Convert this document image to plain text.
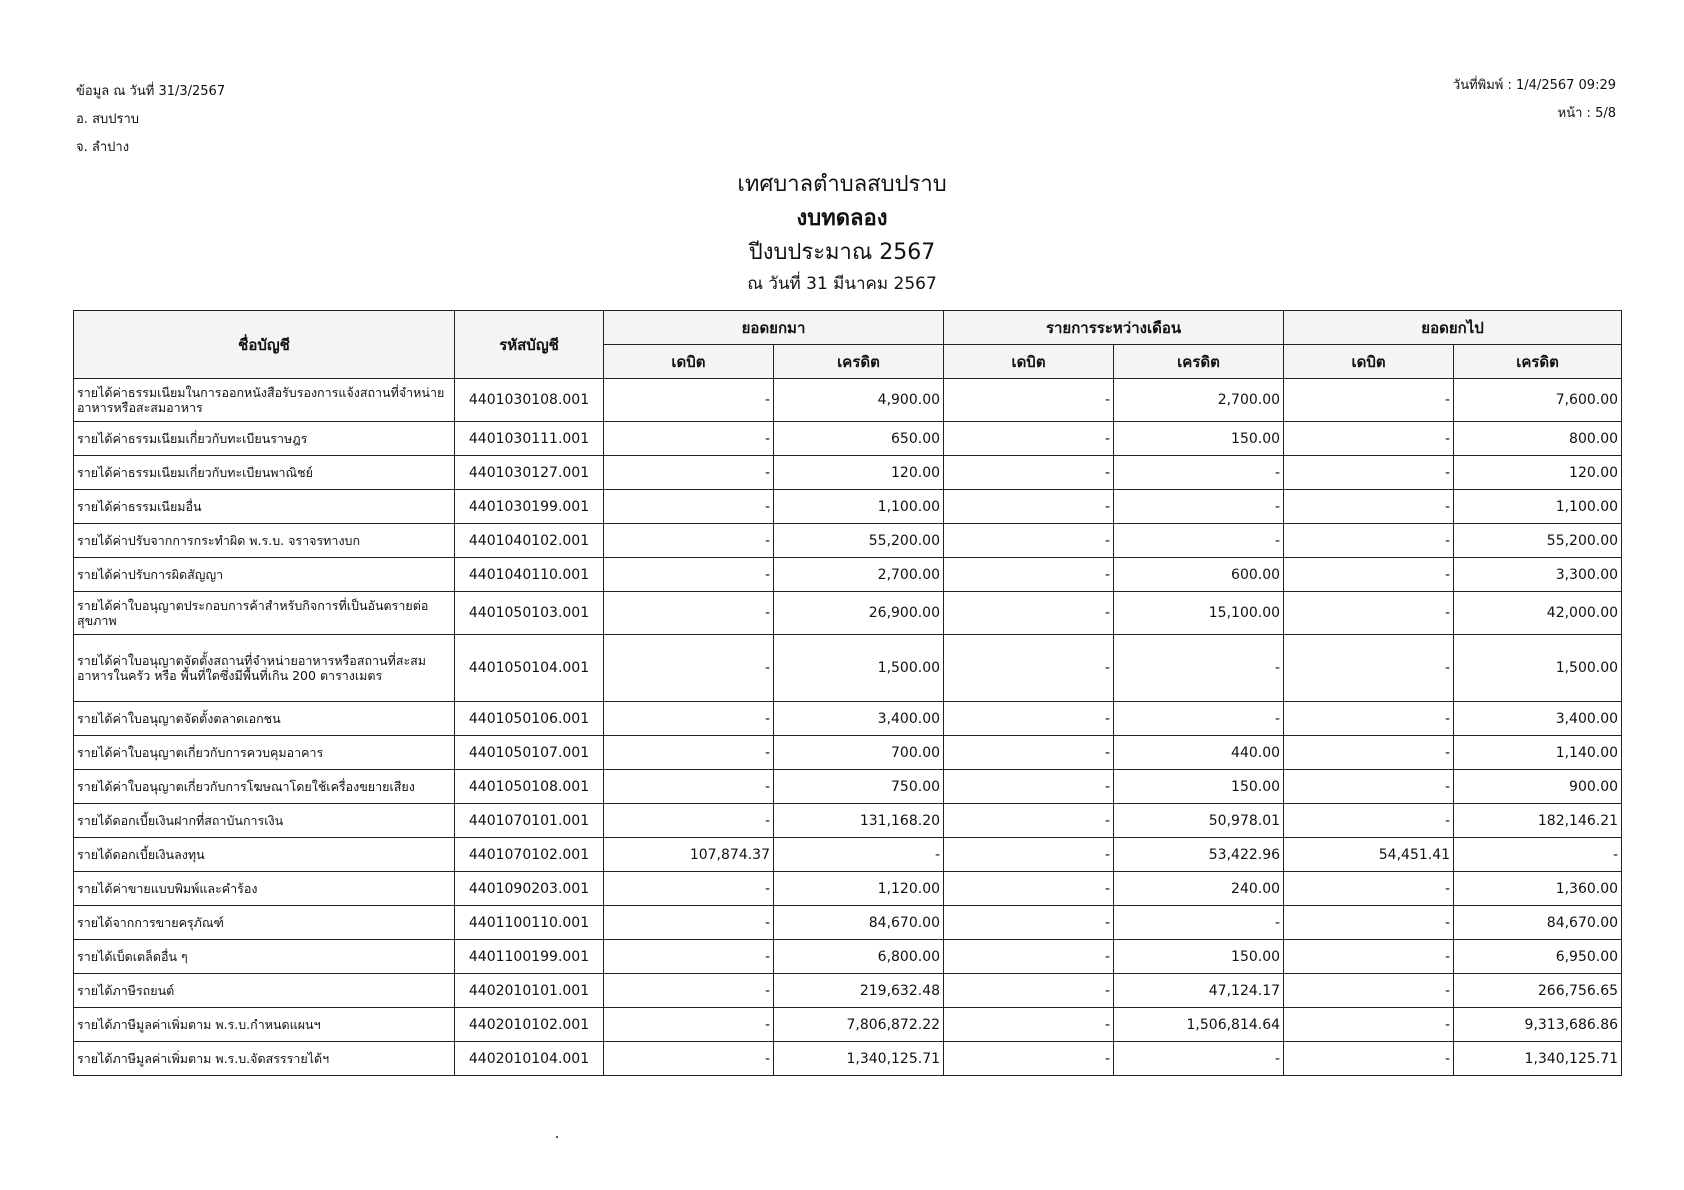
ข้อมูล ณ วันที่ 31/3/2567
อ. สบปราบ
จ. ลำปาง
วันที่พิมพ์ : 1/4/2567 09:29
หน้า : 5/8
เทศบาลตำบลสบปราบ
งบทดลอง
ปีงบประมาณ 2567
ณ วันที่ 31 มีนาคม 2567
ชื่อบัญชี	รหัสบัญชี	ยอดยกมา		รายการระหว่างเดือน		ยอดยกไป	
		เดบิต	เครดิต	เดบิต	เครดิต	เดบิต	เครดิต
รายได้ค่าธรรมเนียมในการออกหนังสือรับรองการแจ้งสถานที่จำหน่ายอาหารหรือสะสมอาหาร	4401030108.001	-	4,900.00	-	2,700.00	-	7,600.00
รายได้ค่าธรรมเนียมเกี่ยวกับทะเบียนราษฎร	4401030111.001	-	650.00	-	150.00	-	800.00
รายได้ค่าธรรมเนียมเกี่ยวกับทะเบียนพาณิชย์	4401030127.001	-	120.00	-	-	-	120.00
รายได้ค่าธรรมเนียมอื่น	4401030199.001	-	1,100.00	-	-	-	1,100.00
รายได้ค่าปรับจากการกระทำผิด พ.ร.บ. จราจรทางบก	4401040102.001	-	55,200.00	-	-	-	55,200.00
รายได้ค่าปรับการผิดสัญญา	4401040110.001	-	2,700.00	-	600.00	-	3,300.00
รายได้ค่าใบอนุญาตประกอบการค้าสำหรับกิจการที่เป็นอันตรายต่อสุขภาพ	4401050103.001	-	26,900.00	-	15,100.00	-	42,000.00
รายได้ค่าใบอนุญาตจัดตั้งสถานที่จำหน่ายอาหารหรือสถานที่สะสมอาหารในครัว หรือ พื้นที่ใดซึ่งมีพื้นที่เกิน 200 ตารางเมตร	4401050104.001	-	1,500.00	-	-	-	1,500.00
รายได้ค่าใบอนุญาตจัดตั้งตลาดเอกชน	4401050106.001	-	3,400.00	-	-	-	3,400.00
รายได้ค่าใบอนุญาตเกี่ยวกับการควบคุมอาคาร	4401050107.001	-	700.00	-	440.00	-	1,140.00
รายได้ค่าใบอนุญาตเกี่ยวกับการโฆษณาโดยใช้เครื่องขยายเสียง	4401050108.001	-	750.00	-	150.00	-	900.00
รายได้ดอกเบี้ยเงินฝากที่สถาบันการเงิน	4401070101.001	-	131,168.20	-	50,978.01	-	182,146.21
รายได้ดอกเบี้ยเงินลงทุน	4401070102.001	107,874.37	-	-	53,422.96	54,451.41	-
รายได้ค่าขายแบบพิมพ์และคำร้อง	4401090203.001	-	1,120.00	-	240.00	-	1,360.00
รายได้จากการขายครุภัณฑ์	4401100110.001	-	84,670.00	-	-	-	84,670.00
รายได้เบ็ดเตล็ดอื่น ๆ	4401100199.001	-	6,800.00	-	150.00	-	6,950.00
รายได้ภาษีรถยนต์	4402010101.001	-	219,632.48	-	47,124.17	-	266,756.65
รายได้ภาษีมูลค่าเพิ่มตาม พ.ร.บ.กำหนดแผนฯ	4402010102.001	-	7,806,872.22	-	1,506,814.64	-	9,313,686.86
รายได้ภาษีมูลค่าเพิ่มตาม พ.ร.บ.จัดสรรรายได้ฯ	4402010104.001	-	1,340,125.71	-	-	-	1,340,125.71
